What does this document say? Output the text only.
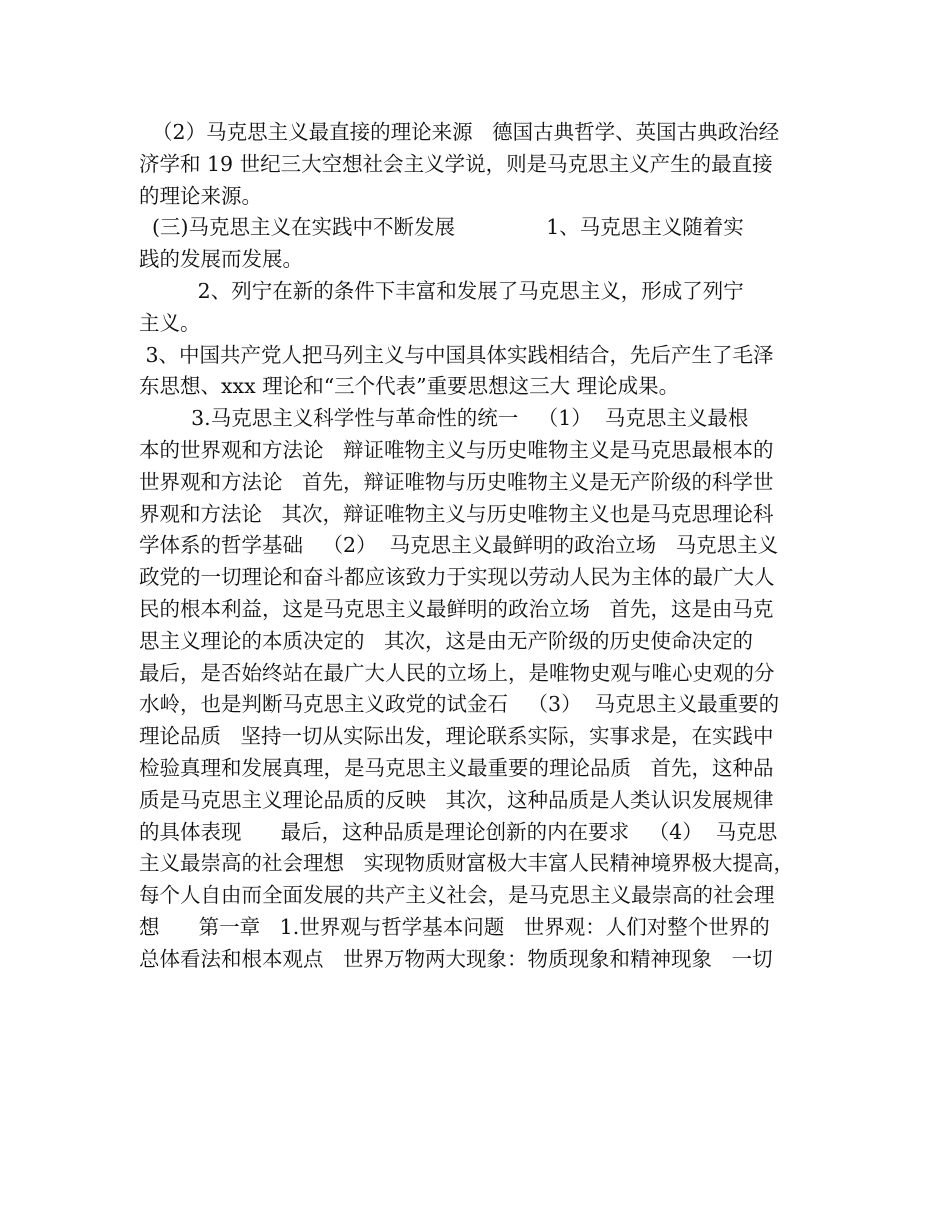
（2）马克思主义最直接的理论来源   德国古典哲学、英国古典政治经
济学和 19 世纪三大空想社会主义学说，则是马克思主义产生的最直接
的理论来源。
(三)马克思主义在实践中不断发展              1、马克思主义随着实
践的发展而发展。
2、列宁在新的条件下丰富和发展了马克思主义，形成了列宁
主义。
3、中国共产党人把马列主义与中国具体实践相结合，先后产生了毛泽
东思想、xxx 理论和“三个代表”重要思想这三大 理论成果。
3.马克思主义科学性与革命性的统一   （1）  马克思主义最根
本的世界观和方法论   辩证唯物主义与历史唯物主义是马克思最根本的
世界观和方法论   首先，辩证唯物与历史唯物主义是无产阶级的科学世
界观和方法论   其次，辩证唯物主义与历史唯物主义也是马克思理论科
学体系的哲学基础   （2）  马克思主义最鲜明的政治立场   马克思主义
政党的一切理论和奋斗都应该致力于实现以劳动人民为主体的最广大人
民的根本利益，这是马克思主义最鲜明的政治立场   首先，这是由马克
思主义理论的本质决定的   其次，这是由无产阶级的历史使命决定的
最后，是否始终站在最广大人民的立场上，是唯物史观与唯心史观的分
水岭，也是判断马克思主义政党的试金石   （3）  马克思主义最重要的
理论品质   坚持一切从实际出发，理论联系实际，实事求是，在实践中
检验真理和发展真理，是马克思主义最重要的理论品质   首先，这种品
质是马克思主义理论品质的反映   其次，这种品质是人类认识发展规律
的具体表现      最后，这种品质是理论创新的内在要求   （4）  马克思
主义最崇高的社会理想   实现物质财富极大丰富人民精神境界极大提高，
每个人自由而全面发展的共产主义社会，是马克思主义最崇高的社会理
想      第一章   1.世界观与哲学基本问题   世界观：人们对整个世界的
总体看法和根本观点   世界万物两大现象：物质现象和精神现象   一切
